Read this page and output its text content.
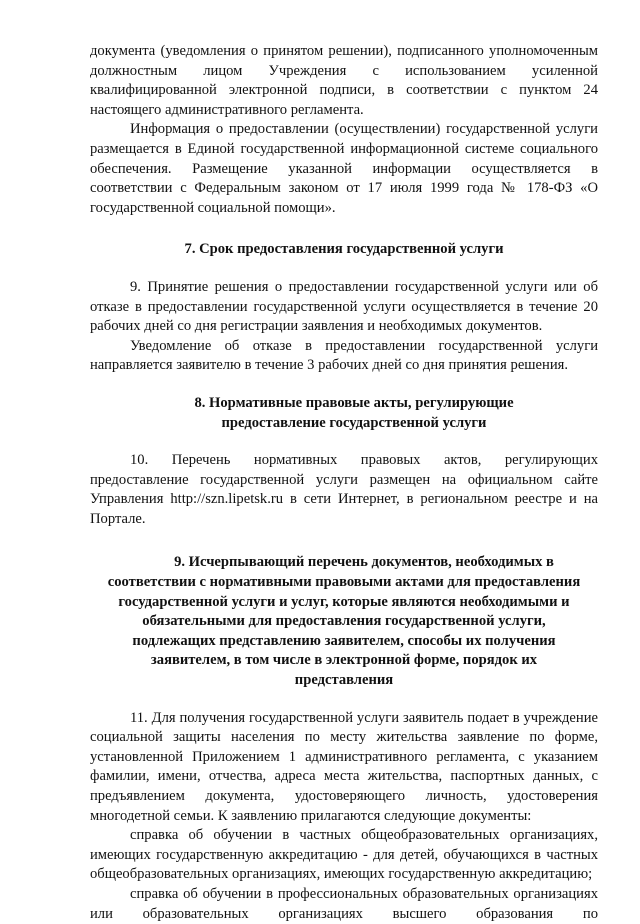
документа (уведомления о принятом решении), подписанного уполномоченным должностным лицом Учреждения с использованием усиленной квалифицированной электронной подписи, в соответствии с пунктом 24 настоящего административного регламента.

Информация о предоставлении (осуществлении) государственной услуги размещается в Единой государственной информационной системе социального обеспечения. Размещение указанной информации осуществляется в соответствии с Федеральным законом от 17 июля 1999 года № 178-ФЗ «О государственной социальной помощи».

7. Срок предоставления государственной услуги

9. Принятие решения о предоставлении государственной услуги или об отказе в предоставлении государственной услуги осуществляется в течение 20 рабочих дней со дня регистрации заявления и необходимых документов.

Уведомление об отказе в предоставлении государственной услуги направляется заявителю в течение 3 рабочих дней со дня принятия решения.

8. Нормативные правовые акты, регулирующие
предоставление государственной услуги

10. Перечень нормативных правовых актов, регулирующих предоставление государственной услуги размещен на официальном сайте Управления http://szn.lipetsk.ru в сети Интернет, в региональном реестре и на Портале.

9. Исчерпывающий перечень документов, необходимых в
соответствии с нормативными правовыми актами для предоставления
государственной услуги и услуг, которые являются необходимыми и
обязательными для предоставления государственной услуги,
подлежащих представлению заявителем, способы их получения
заявителем, в том числе в электронной форме, порядок их
представления

11. Для получения государственной услуги заявитель подает в учреждение социальной защиты населения по месту жительства заявление по форме, установленной Приложением 1 административного регламента, с указанием фамилии, имени, отчества, адреса места жительства, паспортных данных, с предъявлением документа, удостоверяющего личность, удостоверения многодетной семьи. К заявлению прилагаются следующие документы:

справка об обучении в частных общеобразовательных организациях, имеющих государственную аккредитацию - для детей, обучающихся в частных общеобразовательных организациях, имеющих государственную аккредитацию;

справка об обучении в профессиональных образовательных организациях или образовательных организациях высшего образования по
